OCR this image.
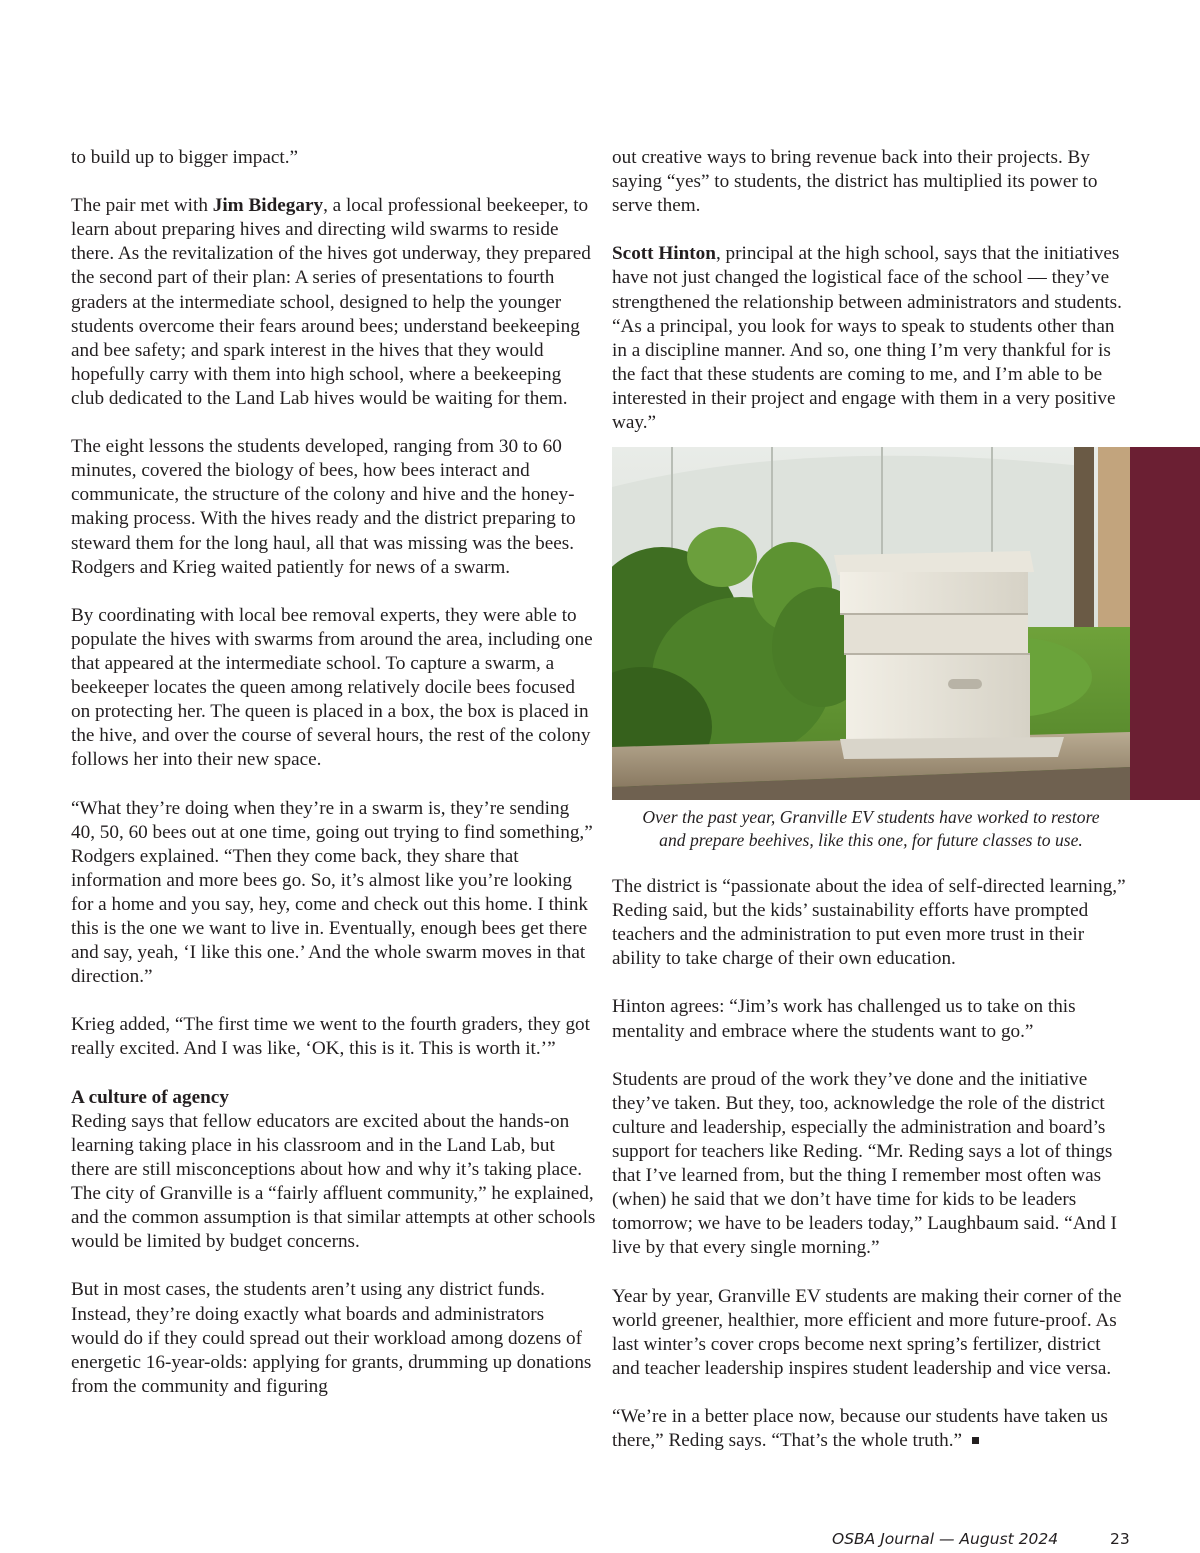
to build up to bigger impact.”

The pair met with Jim Bidegary, a local professional beekeeper, to learn about preparing hives and directing wild swarms to reside there. As the revitalization of the hives got underway, they prepared the second part of their plan: A series of presentations to fourth graders at the intermediate school, designed to help the younger students overcome their fears around bees; understand beekeeping and bee safety; and spark interest in the hives that they would hopefully carry with them into high school, where a beekeeping club dedicated to the Land Lab hives would be waiting for them.

The eight lessons the students developed, ranging from 30 to 60 minutes, covered the biology of bees, how bees interact and communicate, the structure of the colony and hive and the honey-making process. With the hives ready and the district preparing to steward them for the long haul, all that was missing was the bees. Rodgers and Krieg waited patiently for news of a swarm.

By coordinating with local bee removal experts, they were able to populate the hives with swarms from around the area, including one that appeared at the intermediate school. To capture a swarm, a beekeeper locates the queen among relatively docile bees focused on protecting her. The queen is placed in a box, the box is placed in the hive, and over the course of several hours, the rest of the colony follows her into their new space.

“What they’re doing when they’re in a swarm is, they’re sending 40, 50, 60 bees out at one time, going out trying to find something,” Rodgers explained. “Then they come back, they share that information and more bees go. So, it’s almost like you’re looking for a home and you say, hey, come and check out this home. I think this is the one we want to live in. Eventually, enough bees get there and say, yeah, ‘I like this one.’ And the whole swarm moves in that direction.”

Krieg added, “The first time we went to the fourth graders, they got really excited. And I was like, ‘OK, this is it. This is worth it.’”

A culture of agency

Reding says that fellow educators are excited about the hands-on learning taking place in his classroom and in the Land Lab, but there are still misconceptions about how and why it’s taking place. The city of Granville is a “fairly affluent community,” he explained, and the common assumption is that similar attempts at other schools would be limited by budget concerns.

But in most cases, the students aren’t using any district funds. Instead, they’re doing exactly what boards and administrators would do if they could spread out their workload among dozens of energetic 16-year-olds: applying for grants, drumming up donations from the community and figuring

out creative ways to bring revenue back into their projects. By saying “yes” to students, the district has multiplied its power to serve them.

Scott Hinton, principal at the high school, says that the initiatives have not just changed the logistical face of the school — they’ve strengthened the relationship between administrators and students. “As a principal, you look for ways to speak to students other than in a discipline manner. And so, one thing I’m very thankful for is the fact that these students are coming to me, and I’m able to be interested in their project and engage with them in a very positive way.”

Over the past year, Granville EV students have worked to restore
and prepare beehives, like this one, for future classes to use.

The district is “passionate about the idea of self-directed learning,” Reding said, but the kids’ sustainability efforts have prompted teachers and the administration to put even more trust in their ability to take charge of their own education.

Hinton agrees: “Jim’s work has challenged us to take on this mentality and embrace where the students want to go.”

Students are proud of the work they’ve done and the initiative they’ve taken. But they, too, acknowledge the role of the district culture and leadership, especially the administration and board’s support for teachers like Reding. “Mr. Reding says a lot of things that I’ve learned from, but the thing I remember most often was (when) he said that we don’t have time for kids to be leaders tomorrow; we have to be leaders today,” Laughbaum said. “And I live by that every single morning.”

Year by year, Granville EV students are making their corner of the world greener, healthier, more efficient and more future-proof. As last winter’s cover crops become next spring’s fertilizer, district and teacher leadership inspires student leadership and vice versa.

“We’re in a better place now, because our students have taken us there,” Reding says. “That’s the whole truth.”

OSBA Journal — August 2024	23
